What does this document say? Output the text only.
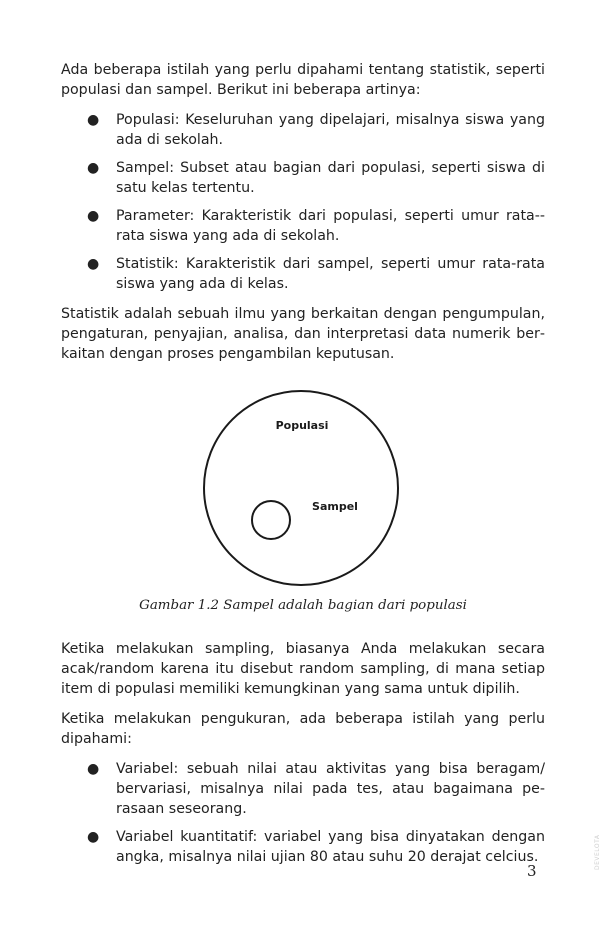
Ada beberapa istilah yang perlu dipahami tentang statistik, seperti populasi dan sampel. Berikut ini beberapa artinya:

● Populasi: Keseluruhan yang dipelajari, misalnya siswa yang ada di sekolah.
● Sampel: Subset atau bagian dari populasi, seperti siswa di satu kelas tertentu.
● Parameter: Karakteristik dari populasi, seperti umur rata-rata siswa yang ada di sekolah.
● Statistik: Karakteristik dari sampel, seperti umur rata-rata siswa yang ada di kelas.

Statistik adalah sebuah ilmu yang berkaitan dengan pengumpulan, pengaturan, penyajian, analisa, dan interpretasi data numerik berkaitan dengan proses pengambilan keputusan.

Populasi
Sampel
Gambar 1.2 Sampel adalah bagian dari populasi

Ketika melakukan sampling, biasanya Anda melakukan secara acak/random karena itu disebut random sampling, di mana setiap item di populasi memiliki kemungkinan yang sama untuk dipilih.

Ketika melakukan pengukuran, ada beberapa istilah yang perlu dipahami:

● Variabel: sebuah nilai atau aktivitas yang bisa beragam/ bervariasi, misalnya nilai pada tes, atau bagaimana perasaan seseorang.
● Variabel kuantitatif: variabel yang bisa dinyatakan dengan angka, misalnya nilai ujian 80 atau suhu 20 derajat celcius.
3
DEVELOTA
